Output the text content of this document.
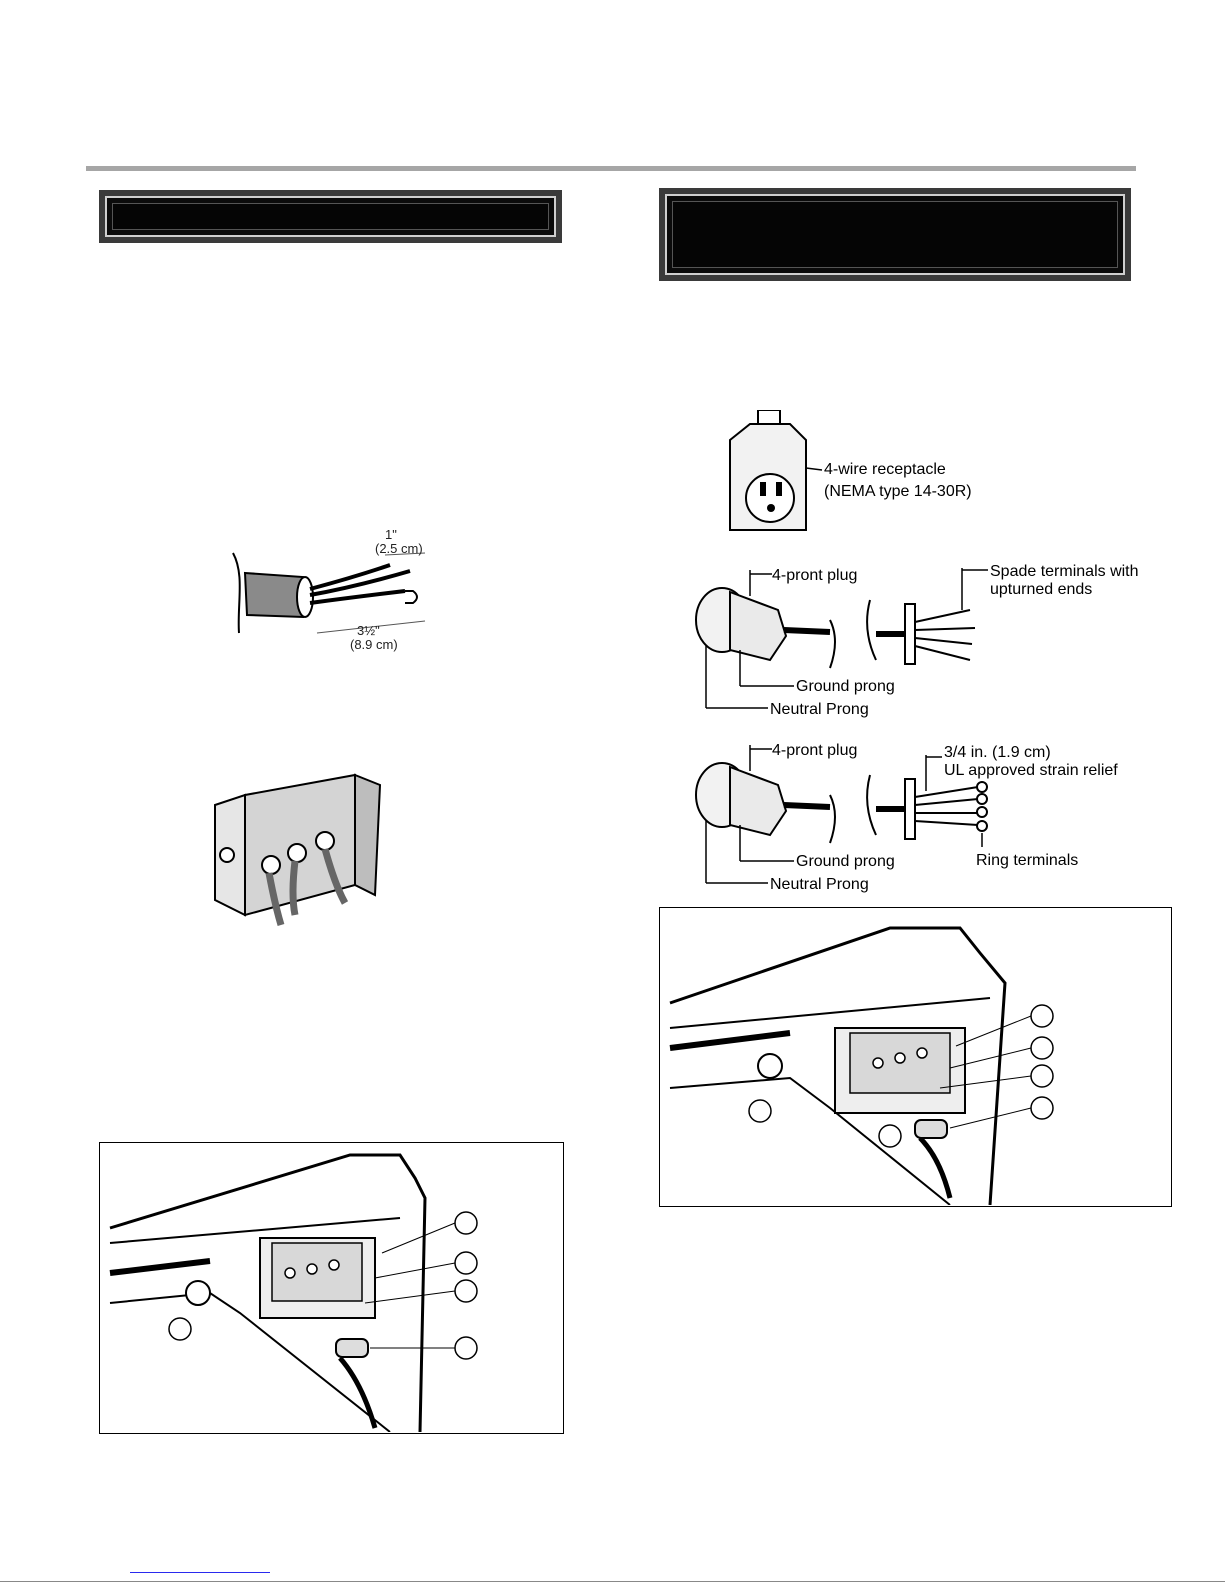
1"
(2.5 cm)
3½"
(8.9 cm)
4-wire receptacle
(NEMA type 14-30R)
4-pront plug	Spade terminals with
upturned ends
Ground prong
Neutral Prong
4-pront plug	3/4 in. (1.9 cm)
UL approved strain relief
Ground prong	Ring terminals
Neutral Prong
